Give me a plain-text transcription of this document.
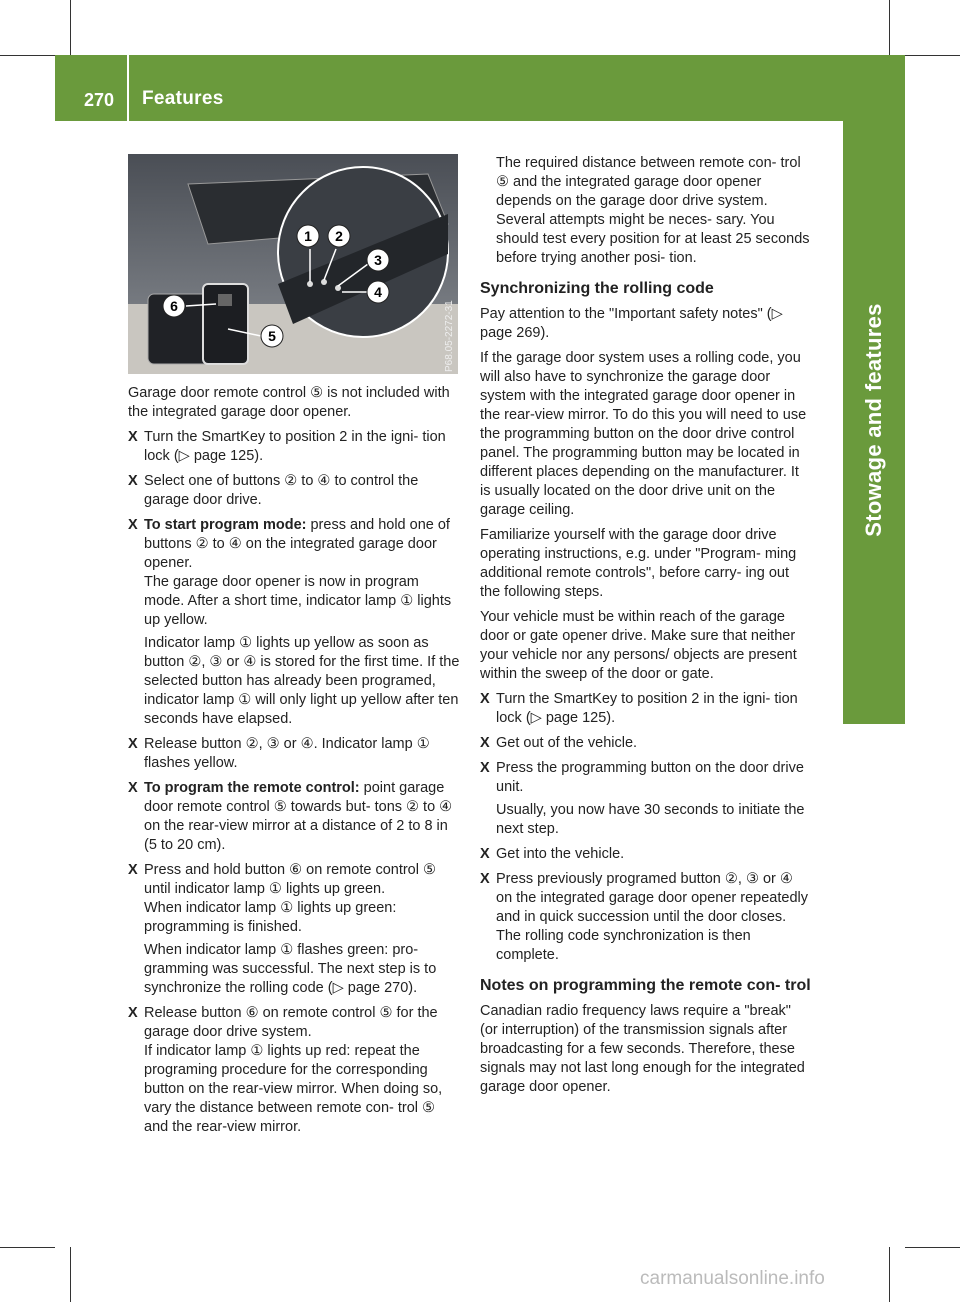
270 Features
Stowage and features
1 2
3
4
5
6	P68.05-2272-31

Garage door remote control ⑤ is not included with the integrated garage door opener.

X Turn the SmartKey to position 2 in the igni- tion lock (▷ page 125).
X Select one of buttons ② to ④ to control the garage door drive.
X To start program mode: press and hold one of buttons ② to ④ on the integrated garage door opener.
The garage door opener is now in program mode. After a short time, indicator lamp ① lights up yellow.
Indicator lamp ① lights up yellow as soon as button ②, ③ or ④ is stored for the first time. If the selected button has already been programed, indicator lamp ① will only light up yellow after ten seconds have elapsed.
X Release button ②, ③ or ④. Indicator lamp ① flashes yellow.
X To program the remote control: point garage door remote control ⑤ towards but- tons ② to ④ on the rear-view mirror at a distance of 2 to 8 in (5 to 20 cm).
X Press and hold button ⑥ on remote control ⑤ until indicator lamp ① lights up green.
When indicator lamp ① lights up green: programming is finished.
When indicator lamp ① flashes green: pro- gramming was successful. The next step is to synchronize the rolling code (▷ page 270).
X Release button ⑥ on remote control ⑤ for the garage door drive system.
If indicator lamp ① lights up red: repeat the programing procedure for the corresponding button on the rear-view mirror. When doing so, vary the distance between remote con- trol ⑤ and the rear-view mirror.

The required distance between remote con- trol ⑤ and the integrated garage door opener depends on the garage door drive system. Several attempts might be neces- sary. You should test every position for at least 25 seconds before trying another posi- tion.

Synchronizing the rolling code

Pay attention to the "Important safety notes" (▷ page 269).

If the garage door system uses a rolling code, you will also have to synchronize the garage door system with the integrated garage door opener in the rear-view mirror. To do this you will need to use the programming button on the door drive control panel. The programming button may be located in different places depending on the manufacturer. It is usually located on the door drive unit on the garage ceiling.

Familiarize yourself with the garage door drive operating instructions, e.g. under "Program- ming additional remote controls", before carry- ing out the following steps.

Your vehicle must be within reach of the garage door or gate opener drive. Make sure that neither your vehicle nor any persons/ objects are present within the sweep of the door or gate.

X Turn the SmartKey to position 2 in the igni- tion lock (▷ page 125).
X Get out of the vehicle.
X Press the programming button on the door drive unit.
Usually, you now have 30 seconds to initiate the next step.
X Get into the vehicle.
X Press previously programed button ②, ③ or ④ on the integrated garage door opener repeatedly and in quick succession until the door closes.
The rolling code synchronization is then complete.
Notes on programming the remote con- trol

Canadian radio frequency laws require a "break" (or interruption) of the transmission signals after broadcasting for a few seconds. Therefore, these signals may not last long enough for the integrated garage door opener.

carmanualsonline.info
